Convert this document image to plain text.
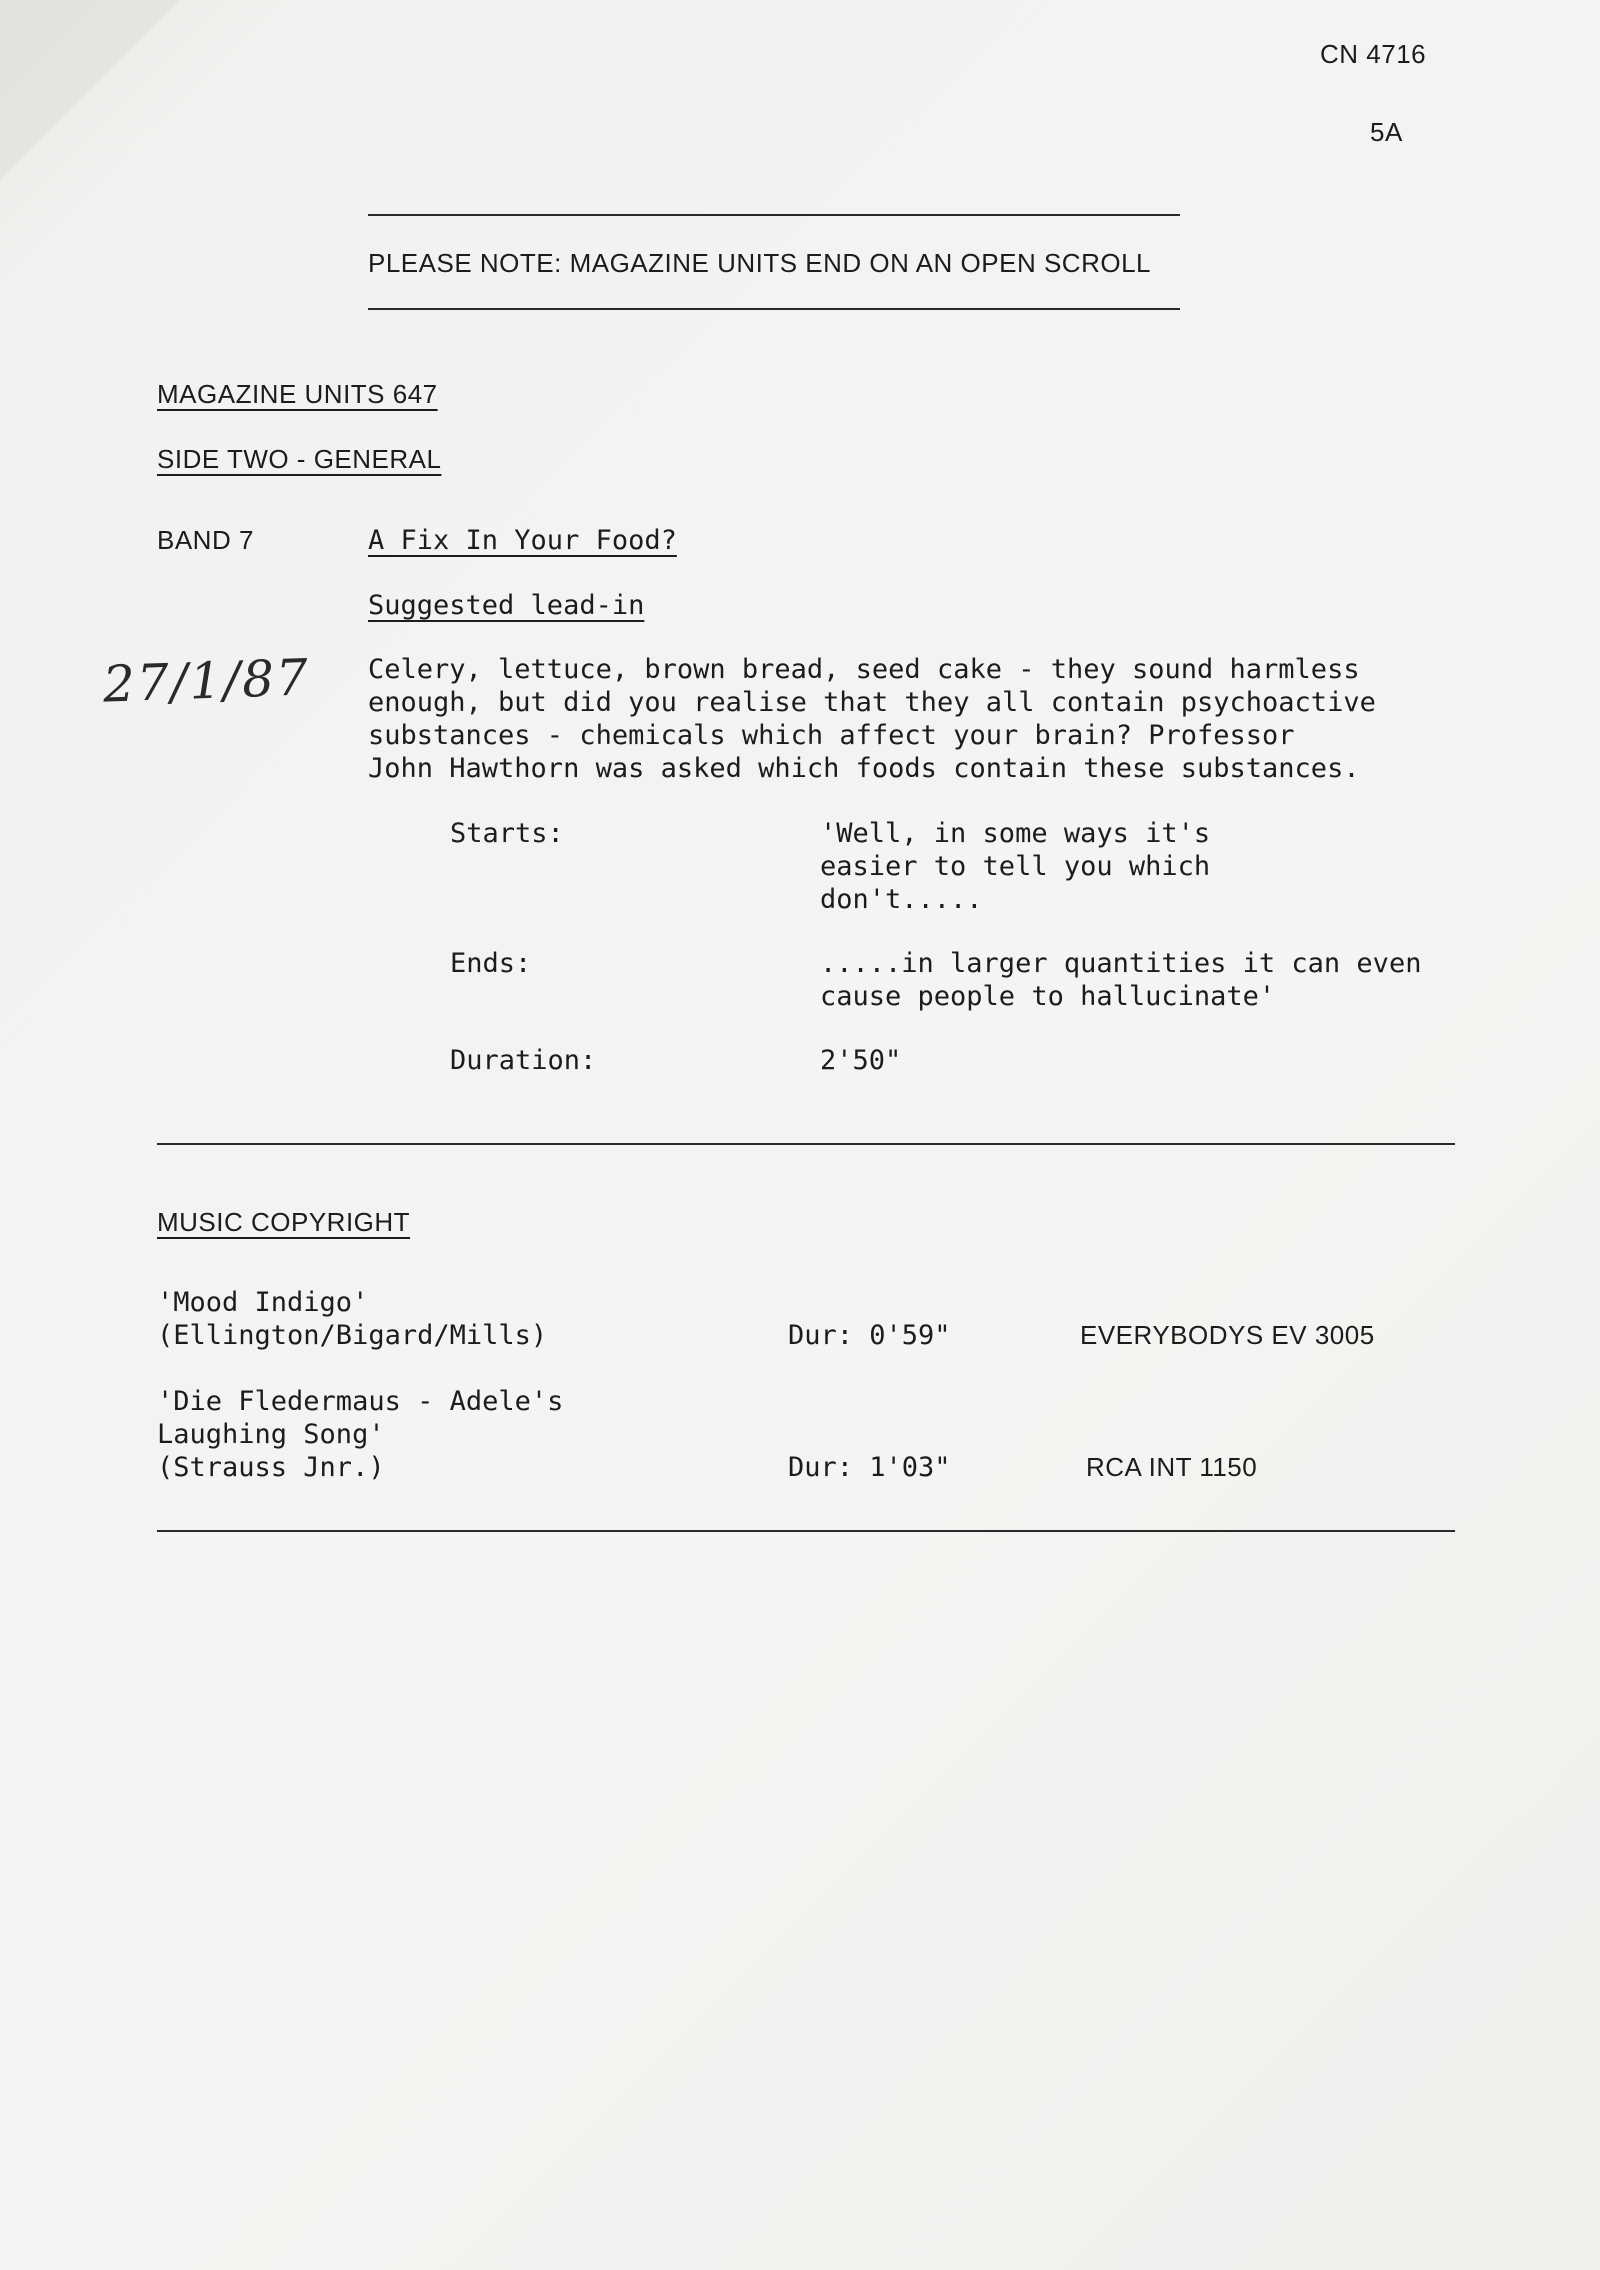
CN 4716
5A
PLEASE NOTE: MAGAZINE UNITS END ON AN OPEN SCROLL
MAGAZINE UNITS 647
SIDE TWO - GENERAL
BAND 7	A Fix In Your Food?
Suggested lead-in
27/1/87 Celery, lettuce, brown bread, seed cake - they sound harmless
enough, but did you realise that they all contain psychoactive
substances - chemicals which affect your brain? Professor
John Hawthorn was asked which foods contain these substances.
Starts:	'Well, in some ways it's
easier to tell you which
don't.....
Ends:	.....in larger quantities it can even
cause people to hallucinate'
Duration:	2'50"
MUSIC COPYRIGHT
'Mood Indigo'
(Ellington/Bigard/Mills)	Dur: 0'59"	EVERYBODYS EV 3005
'Die Fledermaus - Adele's
Laughing Song'
(Strauss Jnr.)	Dur: 1'03"	RCA INT 1150
